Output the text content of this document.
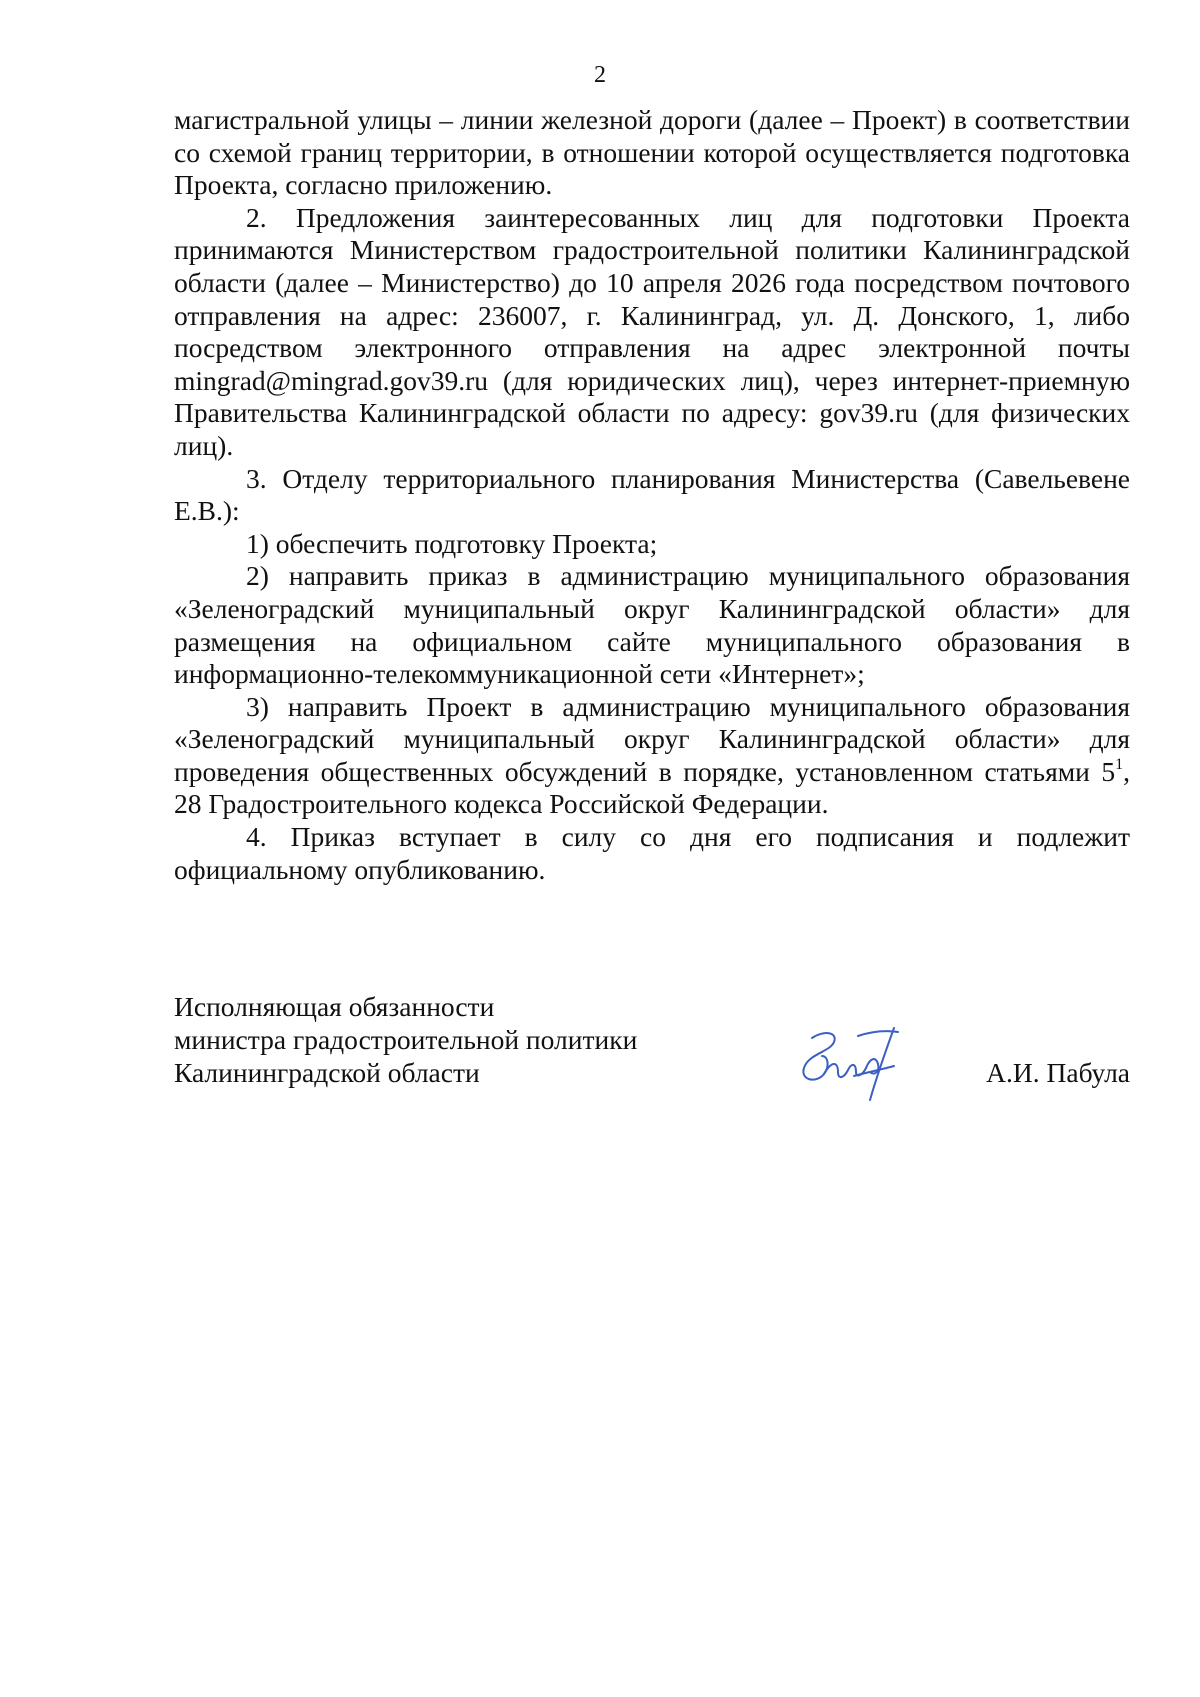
2

магистральной улицы – линии железной дороги (далее – Проект) в соответствии со схемой границ территории, в отношении которой осуществляется подготовка Проекта, согласно приложению.

2. Предложения заинтересованных лиц для подготовки Проекта принимаются Министерством градостроительной политики Калининградской области (далее – Министерство) до 10 апреля 2026 года посредством почтового отправления на адрес: 236007, г. Калининград, ул. Д. Донского, 1, либо посредством электронного отправления на адрес электронной почты mingrad@mingrad.gov39.ru (для юридических лиц), через интернет-приемную Правительства Калининградской области по адресу: gov39.ru (для физических лиц).

3. Отделу территориального планирования Министерства (Савельевене Е.В.):

1) обеспечить подготовку Проекта;

2) направить приказ в администрацию муниципального образования «Зеленоградский муниципальный округ Калининградской области» для размещения на официальном сайте муниципального образования в информационно-телекоммуникационной сети «Интернет»;

3) направить Проект в администрацию муниципального образования «Зеленоградский муниципальный округ Калининградской области» для проведения общественных обсуждений в порядке, установленном статьями $5^1$, 28 Градостроительного кодекса Российской Федерации.

4. Приказ вступает в силу со дня его подписания и подлежит официальному опубликованию.

Исполняющая обязанности
министра градостроительной политики
Калининградской области	А.И. Пабула
